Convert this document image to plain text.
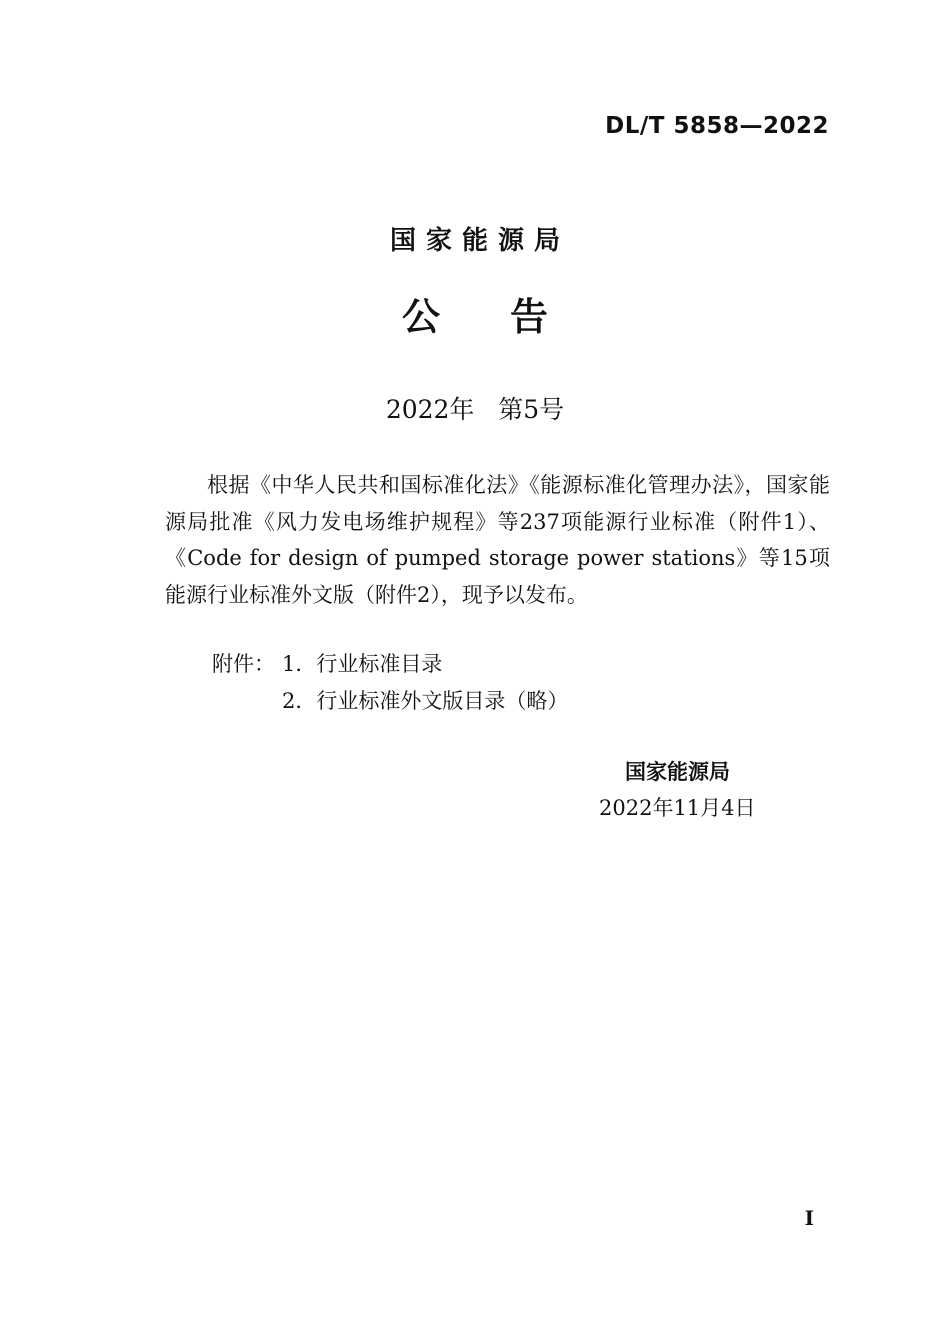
DL/T 5858—2022
国家能源局
公告
2022年   第5号

根据《中华人民共和国标准化法》《能源标准化管理办法》，国家能源局批准《风力发电场维护规程》等237项能源行业标准（附件1）、《Code for design of pumped storage power stations》等15项能源行业标准外文版（附件2），现予以发布。

附件： 1．行业标准目录
2．行业标准外文版目录（略）
国家能源局
2022年11月4日
I
